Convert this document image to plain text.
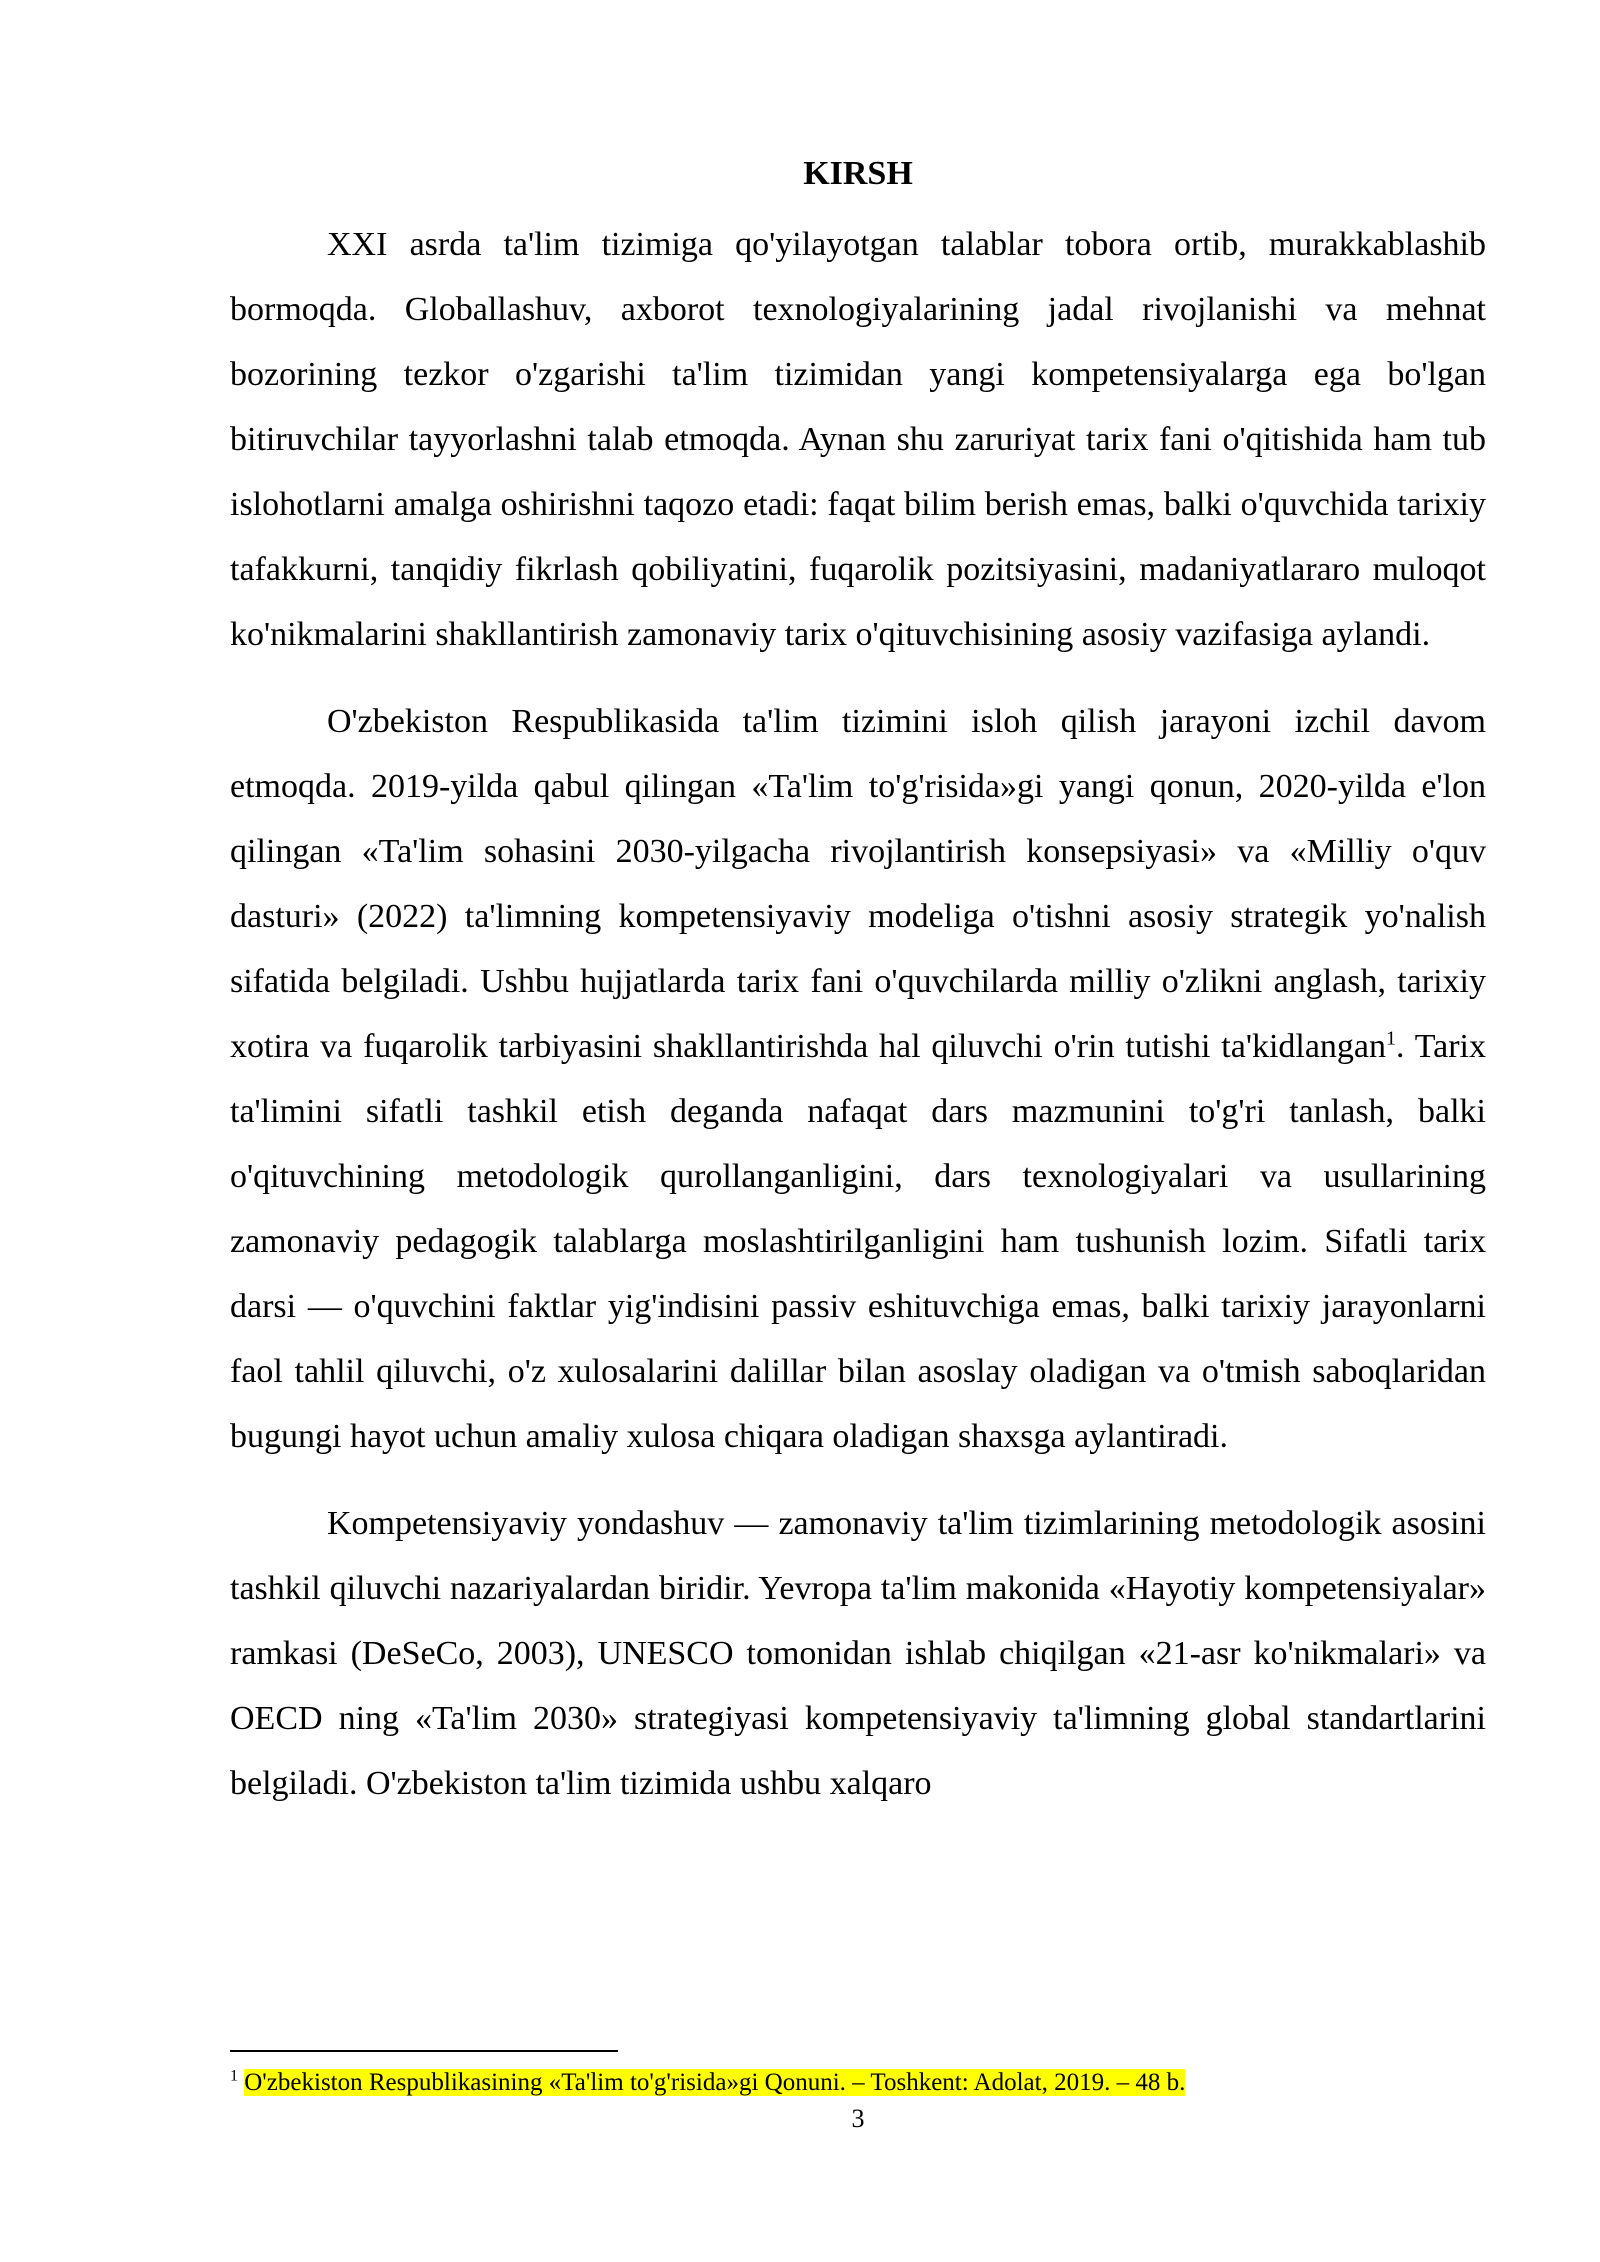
KIRSH

XXI asrda ta'lim tizimiga qo'yilayotgan talablar tobora ortib, murakkablashib bormoqda. Globallashuv, axborot texnologiyalarining jadal rivojlanishi va mehnat bozorining tezkor o'zgarishi ta'lim tizimidan yangi kompetensiyalarga ega bo'lgan bitiruvchilar tayyorlashni talab etmoqda. Aynan shu zaruriyat tarix fani o'qitishida ham tub islohotlarni amalga oshirishni taqozo etadi: faqat bilim berish emas, balki o'quvchida tarixiy tafakkurni, tanqidiy fikrlash qobiliyatini, fuqarolik pozitsiyasini, madaniyatlararo muloqot ko'nikmalarini shakllantirish zamonaviy tarix o'qituvchisining asosiy vazifasiga aylandi.

O'zbekiston Respublikasida ta'lim tizimini isloh qilish jarayoni izchil davom etmoqda. 2019-yilda qabul qilingan «Ta'lim to'g'risida»gi yangi qonun, 2020-yilda e'lon qilingan «Ta'lim sohasini 2030-yilgacha rivojlantirish konsepsiyasi» va «Milliy o'quv dasturi» (2022) ta'limning kompetensiyaviy modeliga o'tishni asosiy strategik yo'nalish sifatida belgiladi. Ushbu hujjatlarda tarix fani o'quvchilarda milliy o'zlikni anglash, tarixiy xotira va fuqarolik tarbiyasini shakllantirishda hal qiluvchi o'rin tutishi ta'kidlangan$^1$. Tarix ta'limini sifatli tashkil etish deganda nafaqat dars mazmunini to'g'ri tanlash, balki o'qituvchining metodologik qurollanganligini, dars texnologiyalari va usullarining zamonaviy pedagogik talablarga moslashtirilganligini ham tushunish lozim. Sifatli tarix darsi — o'quvchini faktlar yig'indisini passiv eshituvchiga emas, balki tarixiy jarayonlarni faol tahlil qiluvchi, o'z xulosalarini dalillar bilan asoslay oladigan va o'tmish saboqlaridan bugungi hayot uchun amaliy xulosa chiqara oladigan shaxsga aylantiradi.

Kompetensiyaviy yondashuv — zamonaviy ta'lim tizimlarining metodologik asosini tashkil qiluvchi nazariyalardan biridir. Yevropa ta'lim makonida «Hayotiy kompetensiyalar» ramkasi (DeSeCo, 2003), UNESCO tomonidan ishlab chiqilgan «21-asr ko'nikmalari» va OECD ning «Ta'lim 2030» strategiyasi kompetensiyaviy ta'limning global standartlarini belgiladi. O'zbekiston ta'lim tizimida ushbu xalqaro

$^1$ O'zbekiston Respublikasining «Ta'lim to'g'risida»gi Qonuni. – Toshkent: Adolat, 2019. – 48 b.

3
